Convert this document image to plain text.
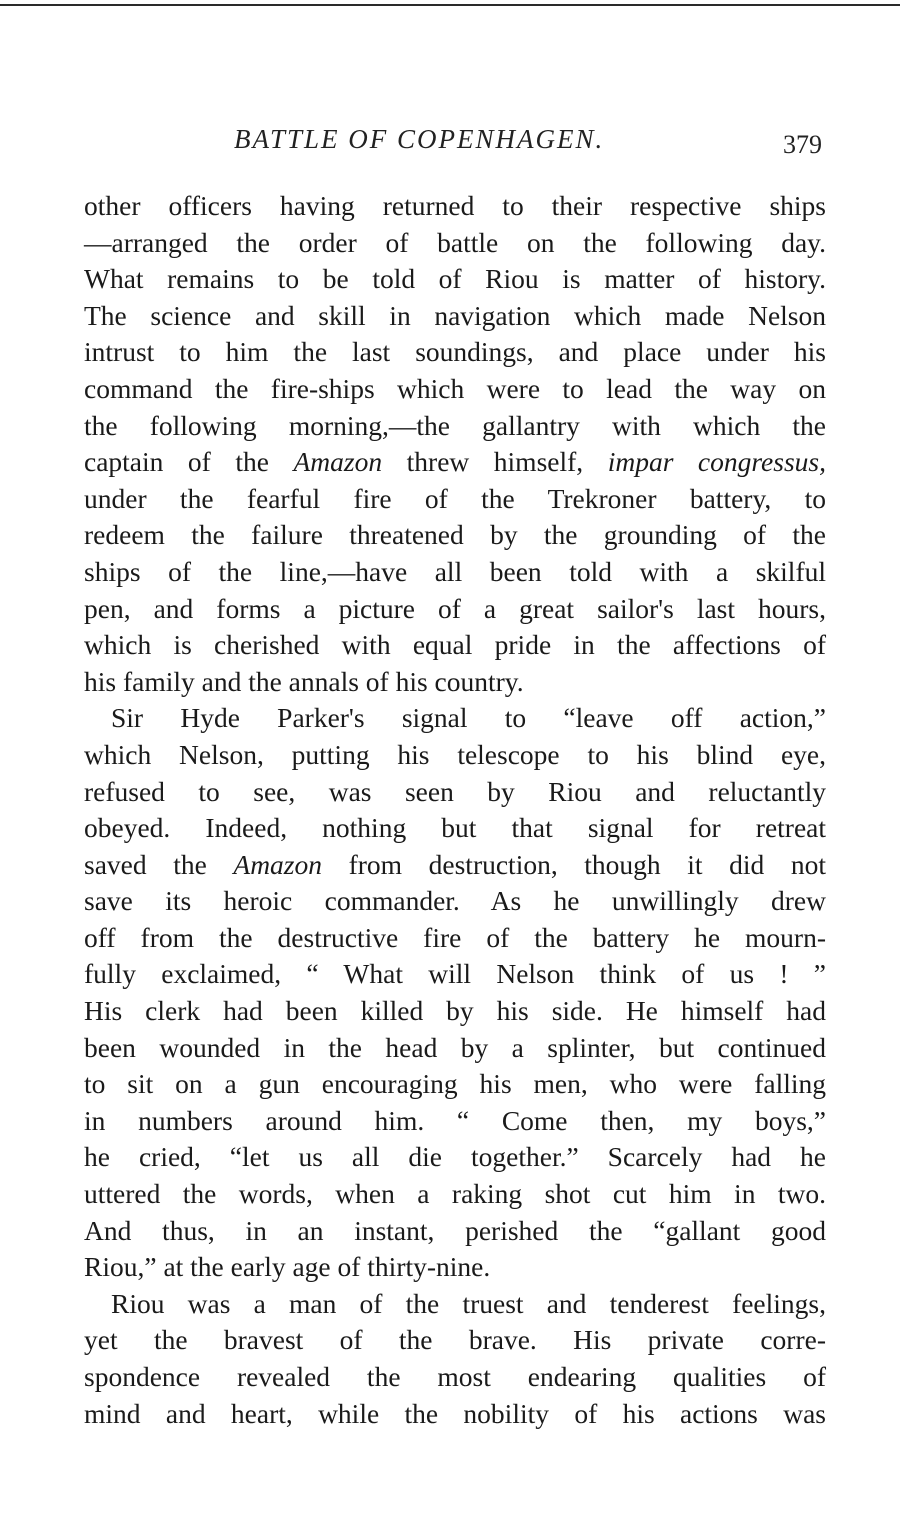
BATTLE OF COPENHAGEN.	379
other officers having returned to their respective ships
—arranged the order of battle on the following day.
What remains to be told of Riou is matter of history.
The science and skill in navigation which made Nelson
intrust to him the last soundings, and place under his
command the fire-ships which were to lead the way on
the following morning,—the gallantry with which the
captain of the Amazon threw himself, impar congressus,
under the fearful fire of the Trekroner battery, to
redeem the failure threatened by the grounding of the
ships of the line,—have all been told with a skilful
pen, and forms a picture of a great sailor's last hours,
which is cherished with equal pride in the affections of
his family and the annals of his country.
Sir Hyde Parker's signal to “leave off action,”
which Nelson, putting his telescope to his blind eye,
refused to see, was seen by Riou and reluctantly
obeyed. Indeed, nothing but that signal for retreat
saved the Amazon from destruction, though it did not
save its heroic commander. As he unwillingly drew
off from the destructive fire of the battery he mourn-
fully exclaimed, “ What will Nelson think of us ! ”
His clerk had been killed by his side. He himself had
been wounded in the head by a splinter, but continued
to sit on a gun encouraging his men, who were falling
in numbers around him. “ Come then, my boys,”
he cried, “let us all die together.” Scarcely had he
uttered the words, when a raking shot cut him in two.
And thus, in an instant, perished the “gallant good
Riou,” at the early age of thirty-nine.
Riou was a man of the truest and tenderest feelings,
yet the bravest of the brave. His private corre-
spondence revealed the most endearing qualities of
mind and heart, while the nobility of his actions was
